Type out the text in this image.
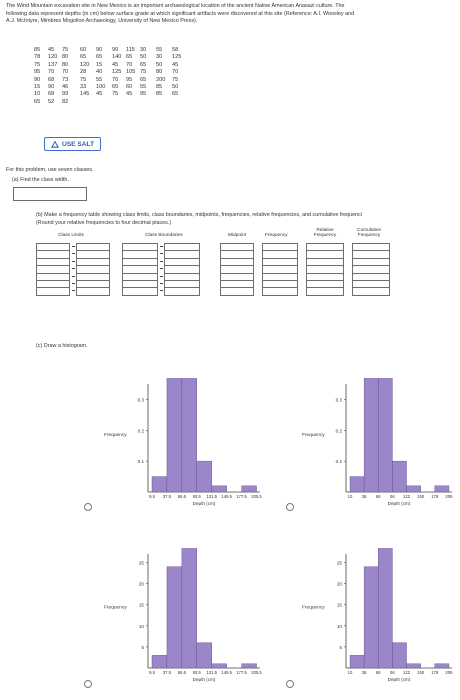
The Wind Mountain excavation site in New Mexico is an important archaeological location of the ancient Native American Anasazi culture. The
following data represent depths (in cm) below surface grade at which significant artifacts were discovered at this site (Reference: A.I. Woosley and
A.J. McIntyre, Mimbres Mogollon Archaeology, University of New Mexico Press).
85	45	75	60	90	90	115 30	55	58
78	120 80	65	65	140 65	50	30	125
75	137 80	120	15	45	70	65	50	45
95	70	70	28	40	125 105 75	80	70
90	68	73	75	55	70	95	65	200	75
15	90	46	33	100	65	60	55	85	50
10	68	99	145	45	75	45	95	85	65
65	52	82
USE SALT
For this problem, use seven classes.
(a) Find the class width.
(b) Make a frequency table showing class limits, class boundaries, midpoints, frequencies, relative frequencies, and cumulative frequenci
(Round your relative frequencies to four decimal places.)
Class Limits	Class Boundaries	Midpoint	Frequency
Relative
Frequency
Cumulative
Frequency
(c) Draw a histogram.
0.1
0.2
0.3
Frequency
9.5 37.5 65.5 93.5 121.5 149.5 177.5 205.5
Depth (cm)
0.1
0.2
0.3
Frequency
10 38 66 94 122 150 178 206
Depth (cm)
5
10
15
20
25
Frequency
9.5 37.5 65.5 93.5 121.5 149.5 177.5 205.5
Depth (cm)
5
10
15
20
25
Frequency
10 38 66 94 122 150 178 206
Depth (cm)
